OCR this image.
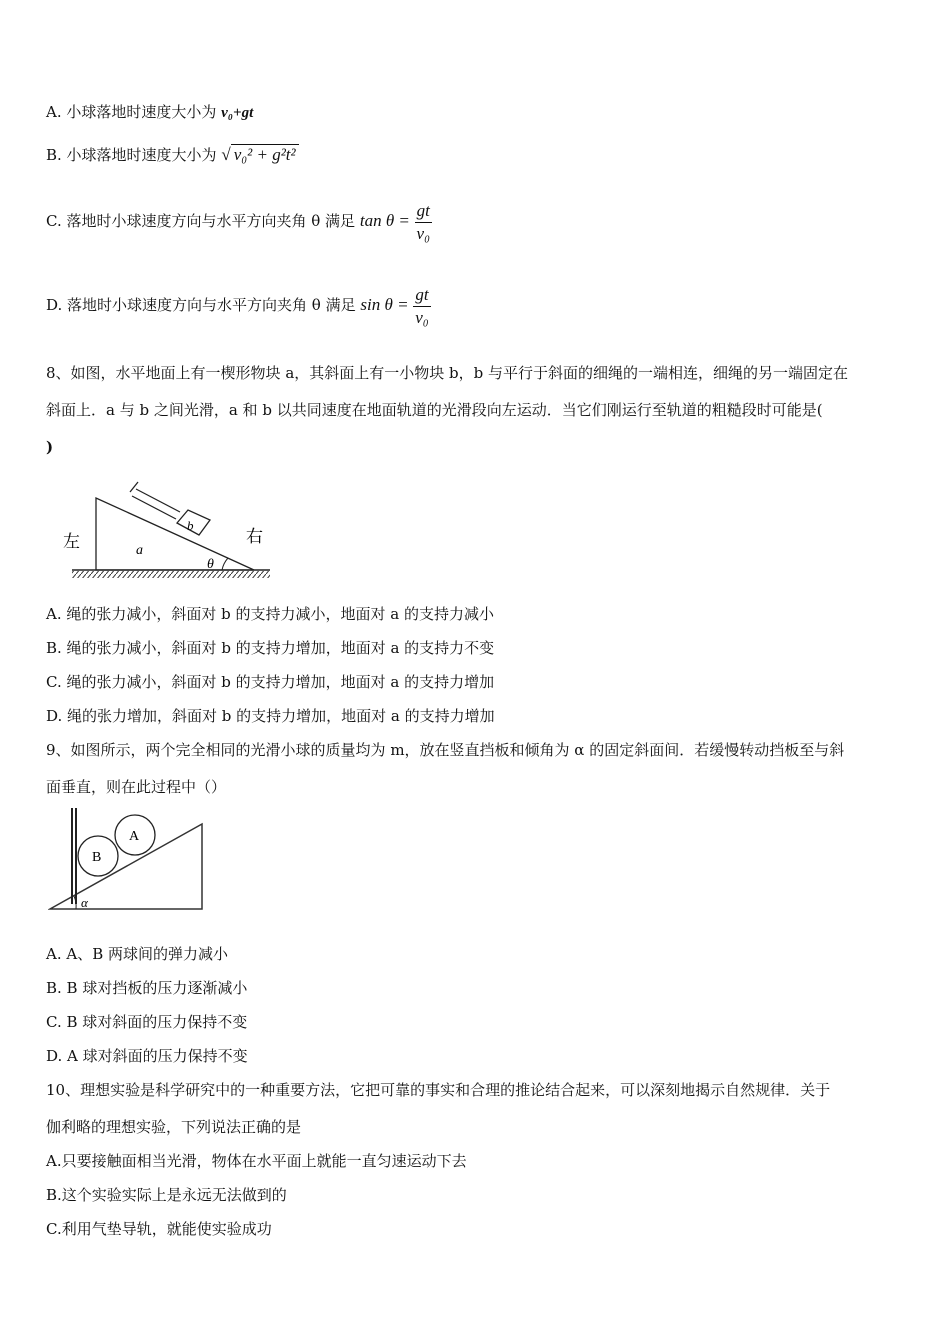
A. 小球落地时速度大小为 v₀+gt
B. 小球落地时速度大小为 √ v₀² + g²t²
C. 落地时小球速度方向与水平方向夹角 θ 满足 $\tan \theta = \frac{gt}{\text{v₀}}$
D. 落地时小球速度方向与水平方向夹角 θ 满足 $\sin \theta = \frac{gt}{\text{v₀}}$
8、如图，水平地面上有一楔形物块 a，其斜面上有一小物块 b，b 与平行于斜面的细绳的一端相连，细绳的另一端固定在
斜面上．a 与 b 之间光滑，a 和 b 以共同速度在地面轨道的光滑段向左运动．当它们刚运行至轨道的粗糙段时可能是(
)
b
a
θ
左	右
A. 绳的张力减小，斜面对 b 的支持力减小，地面对 a 的支持力减小
B. 绳的张力减小，斜面对 b 的支持力增加，地面对 a 的支持力不变
C. 绳的张力减小，斜面对 b 的支持力增加，地面对 a 的支持力增加
D. 绳的张力增加，斜面对 b 的支持力增加，地面对 a 的支持力增加
9、如图所示，两个完全相同的光滑小球的质量均为 m，放在竖直挡板和倾角为 α 的固定斜面间．若缓慢转动挡板至与斜
面垂直，则在此过程中（）
B
A
α
A. A、B 两球间的弹力减小
B. B 球对挡板的压力逐渐减小
C. B 球对斜面的压力保持不变
D. A 球对斜面的压力保持不变
10、理想实验是科学研究中的一种重要方法，它把可靠的事实和合理的推论结合起来，可以深刻地揭示自然规律．关于
伽利略的理想实验，下列说法正确的是
A.只要接触面相当光滑，物体在水平面上就能一直匀速运动下去
B.这个实验实际上是永远无法做到的
C.利用气垫导轨，就能使实验成功
